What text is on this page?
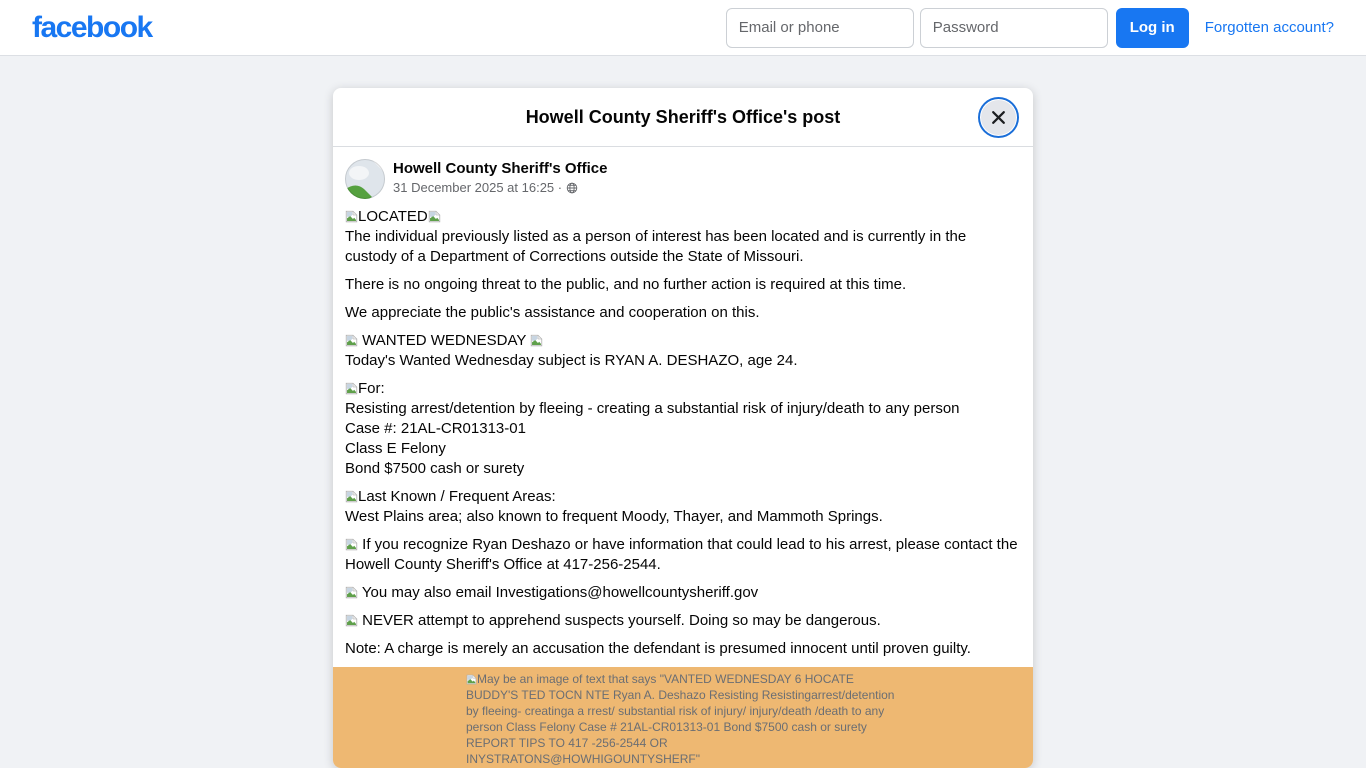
facebook
Email or phone	Log in	Forgotten account?
Howell County Sheriff's Office's post
Howell County Sheriff's Office
31 December 2025 at 16:25 ·

LOCATED
The individual previously listed as a person of interest has been located and is currently in the custody of a Department of Corrections outside the State of Missouri.

There is no ongoing threat to the public, and no further action is required at this time.

We appreciate the public's assistance and cooperation on this.

WANTED WEDNESDAY
Today's Wanted Wednesday subject is RYAN A. DESHAZO, age 24.

For:
Resisting arrest/detention by fleeing - creating a substantial risk of injury/death to any person
Case #: 21AL-CR01313-01
Class E Felony
Bond $7500 cash or surety

Last Known / Frequent Areas:
West Plains area; also known to frequent Moody, Thayer, and Mammoth Springs.

If you recognize Ryan Deshazo or have information that could lead to his arrest, please contact the Howell County Sheriff's Office at 417-256-2544.

You may also email Investigations@howellcountysheriff.gov

NEVER attempt to apprehend suspects yourself. Doing so may be dangerous.

Note: A charge is merely an accusation the defendant is presumed innocent until proven guilty.

May be an image of text that says "VANTED WEDNESDAY 6 HOCATE BUDDY'S TED TOCN NTE Ryan A. Deshazo Resisting Resistingarrest/detention by fleeing- creatinga a rrest/ substantial risk of injury/ injury/death /death to any person Class Felony Case # 21AL-CR01313-01 Bond $7500 cash or surety REPORT TIPS TO 417 -256-2544 OR INYSTRATONS@HOWHIGOUNTYSHERF"
